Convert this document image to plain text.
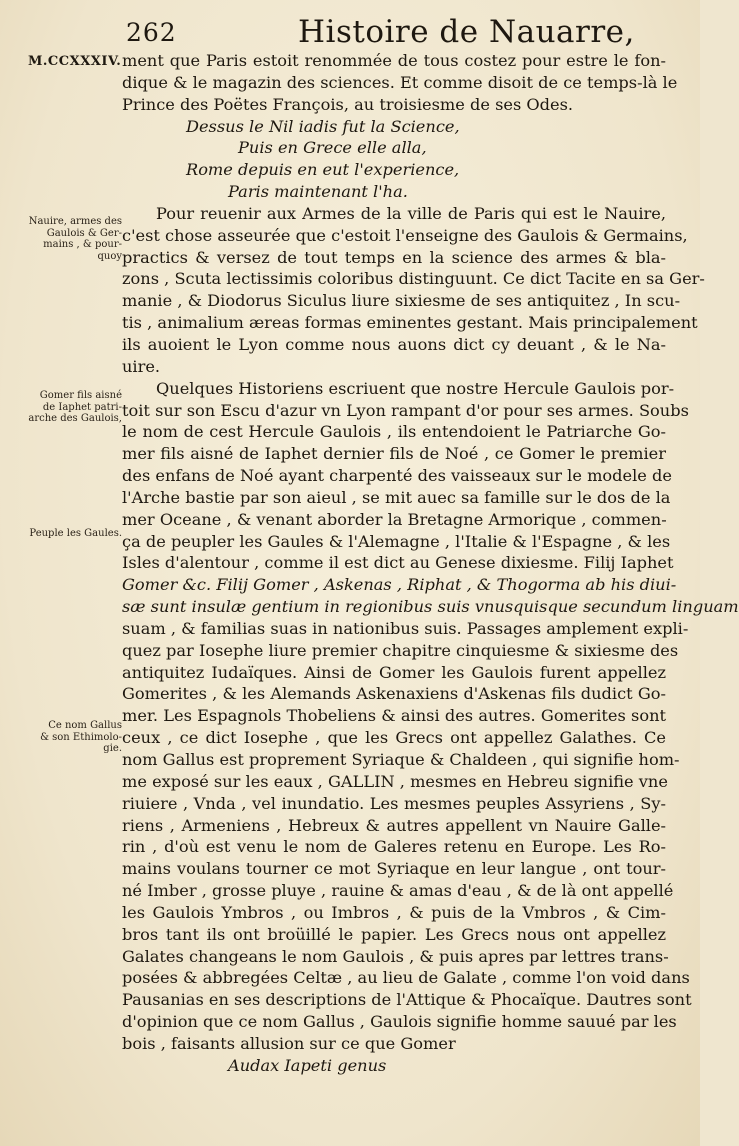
262	Histoire de Nauarre,
M.CCXXXIV.
Nauire, armes des
Gaulois & Ger-
mains , & pour-
quoy
Gomer fils aisné
de Iaphet patri-
arche des Gaulois,
Peuple les Gaules.
Ce nom Gallus
& son Ethimolo-
gie.
ment que Paris estoit renommée de tous costez pour estre le fon-
dique & le magazin des sciences. Et comme disoit de ce temps-là le
Prince des Poëtes François, au troisiesme de ses Odes.
Dessus le Nil iadis fut la Science,
Puis en Grece elle alla,
Rome depuis en eut l'experience,
Paris maintenant l'ha.
Pour reuenir aux Armes de la ville de Paris qui est le Nauire,
c'est chose asseurée que c'estoit l'enseigne des Gaulois & Germains,
practics & versez de tout temps en la science des armes & bla-
zons , Scuta lectissimis coloribus distinguunt. Ce dict Tacite en sa Ger-
manie , & Diodorus Siculus liure sixiesme de ses antiquitez , In scu-
tis , animalium æreas formas eminentes gestant. Mais principalement
ils auoient le Lyon comme nous auons dict cy deuant , & le Na-
uire.
Quelques Historiens escriuent que nostre Hercule Gaulois por-
toit sur son Escu d'azur vn Lyon rampant d'or pour ses armes. Soubs
le nom de cest Hercule Gaulois , ils entendoient le Patriarche Go-
mer fils aisné de Iaphet dernier fils de Noé , ce Gomer le premier
des enfans de Noé ayant charpenté des vaisseaux sur le modele de
l'Arche bastie par son aieul , se mit auec sa famille sur le dos de la
mer Oceane , & venant aborder la Bretagne Armorique , commen-
ça de peupler les Gaules & l'Alemagne , l'Italie & l'Espagne , & les
Isles d'alentour , comme il est dict au Genese dixiesme. Filij Iaphet
Gomer &c. Filij Gomer , Askenas , Riphat , & Thogorma ab his diui-
sæ sunt insulæ gentium in regionibus suis vnusquisque secundum linguam
suam , & familias suas in nationibus suis. Passages amplement expli-
quez par Iosephe liure premier chapitre cinquiesme & sixiesme des
antiquitez Iudaïques. Ainsi de Gomer les Gaulois furent appellez
Gomerites , & les Alemands Askenaxiens d'Askenas fils dudict Go-
mer. Les Espagnols Thobeliens & ainsi des autres. Gomerites sont
ceux , ce dict Iosephe , que les Grecs ont appellez Galathes. Ce
nom Gallus est proprement Syriaque & Chaldeen , qui signifie hom-
me exposé sur les eaux , GALLIN , mesmes en Hebreu signifie vne
riuiere , Vnda , vel inundatio. Les mesmes peuples Assyriens , Sy-
riens , Armeniens , Hebreux & autres appellent vn Nauire Galle-
rin , d'où est venu le nom de Galeres retenu en Europe. Les Ro-
mains voulans tourner ce mot Syriaque en leur langue , ont tour-
né Imber , grosse pluye , rauine & amas d'eau , & de là ont appellé
les Gaulois Ymbros , ou Imbros , & puis de la Vmbros , & Cim-
bros tant ils ont broüillé le papier. Les Grecs nous ont appellez
Galates changeans le nom Gaulois , & puis apres par lettres trans-
posées & abbregées Celtæ , au lieu de Galate , comme l'on void dans
Pausanias en ses descriptions de l'Attique & Phocaïque. Dautres sont
d'opinion que ce nom Gallus , Gaulois signifie homme sauué par les
bois , faisants allusion sur ce que Gomer
Audax Iapeti genus
